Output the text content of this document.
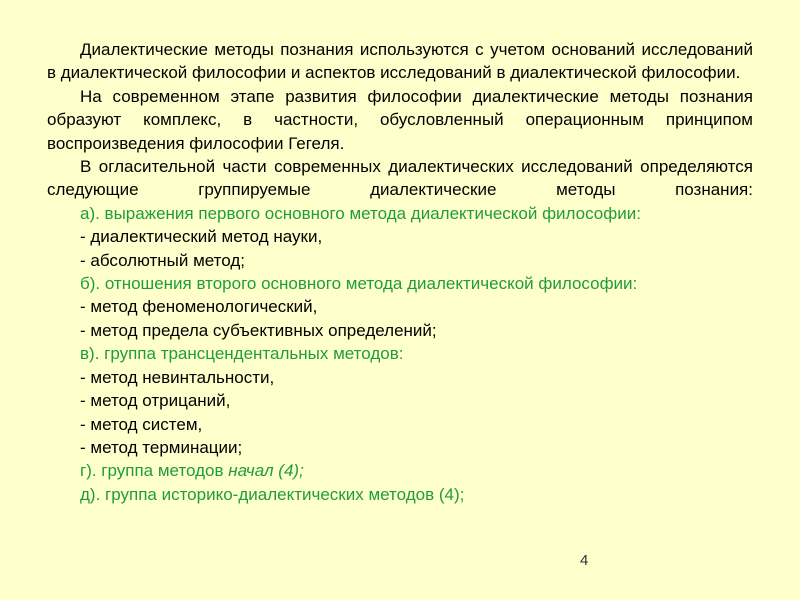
Диалектические методы познания используются с учетом оснований исследований в диалектической философии и аспектов исследований в диалектической философии.

На современном этапе развития философии диалектические методы познания образуют комплекс, в частности, обусловленный операционным принципом воспроизведения философии Гегеля.

В огласительной части современных диалектических исследований определяются следующие группируемые диалектические методы познания:

а). выражения первого основного метода диалектической философии:
- диалектический метод науки,
- абсолютный метод;
б). отношения второго основного метода диалектической философии:
- метод феноменологический,
- метод предела субъективных определений;
в). группа трансцендентальных методов:
- метод невинтальности,
- метод отрицаний,
- метод систем,
- метод терминации;
г). группа методов начал (4);
д). группа историко-диалектических методов (4);
4
